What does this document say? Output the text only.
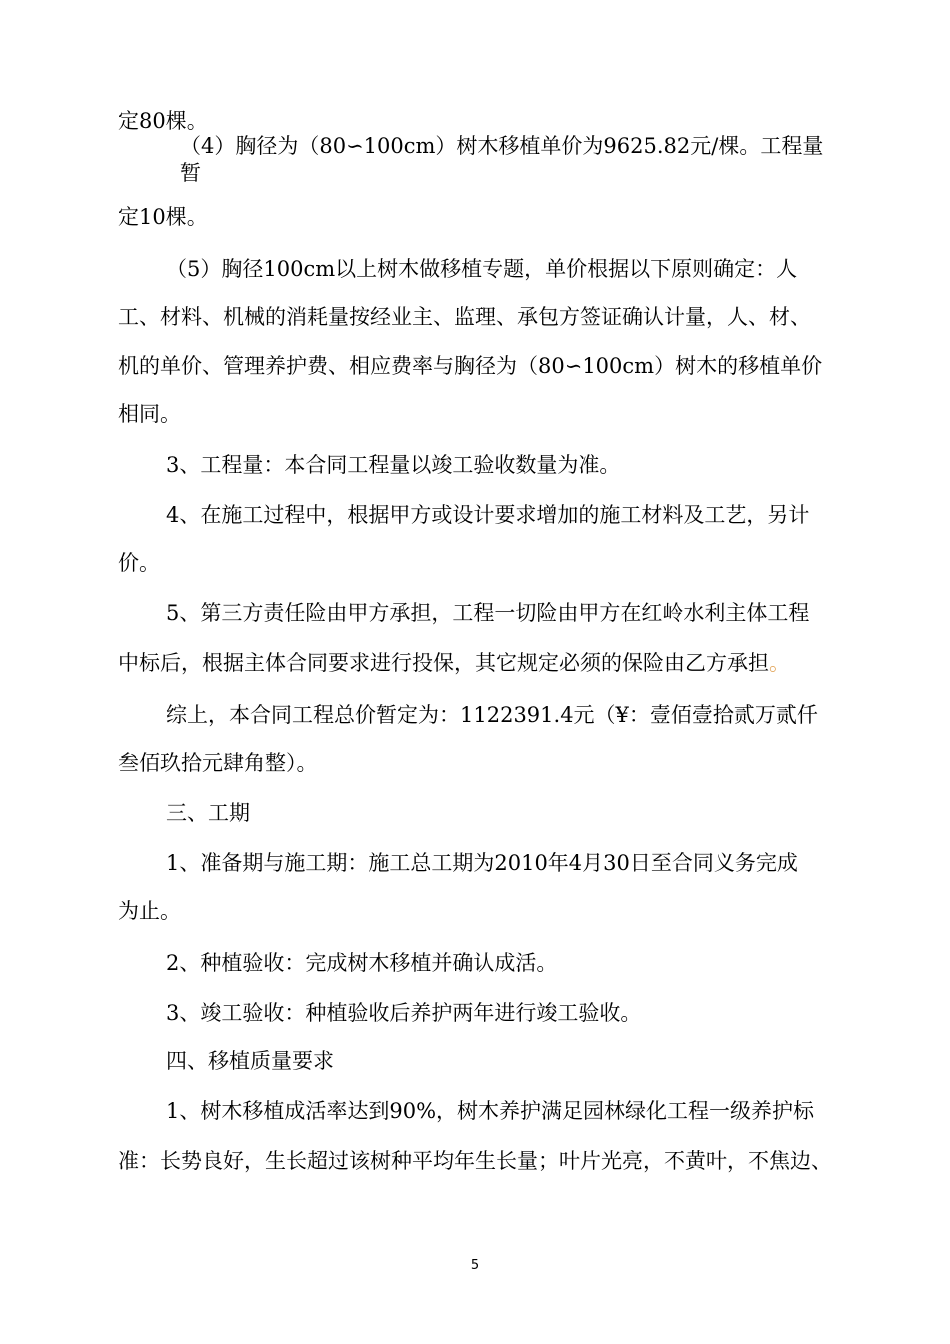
定80棵。
（4）胸径为（80∽100cm）树木移植单价为9625.82元/棵。工程量
暂
定10棵。
（5）胸径100cm以上树木做移植专题，单价根据以下原则确定：人
工、材料、机械的消耗量按经业主、监理、承包方签证确认计量，人、材、
机的单价、管理养护费、相应费率与胸径为（80∽100cm）树木的移植单价
相同。
3、工程量：本合同工程量以竣工验收数量为准。
4、在施工过程中，根据甲方或设计要求增加的施工材料及工艺，另计
价。
5、第三方责任险由甲方承担，工程一切险由甲方在红岭水利主体工程
中标后，根据主体合同要求进行投保，其它规定必须的保险由乙方承担。
综上，本合同工程总价暂定为：1122391.4元（¥：壹佰壹拾贰万贰仟
叁佰玖拾元肆角整）。
三、工期
1、准备期与施工期：施工总工期为2010年4月30日至合同义务完成
为止。
2、种植验收：完成树木移植并确认成活。
3、竣工验收：种植验收后养护两年进行竣工验收。
四、移植质量要求
1、树木移植成活率达到90%，树木养护满足园林绿化工程一级养护标
准：长势良好，生长超过该树种平均年生长量；叶片光亮，不黄叶，不焦边、
5
